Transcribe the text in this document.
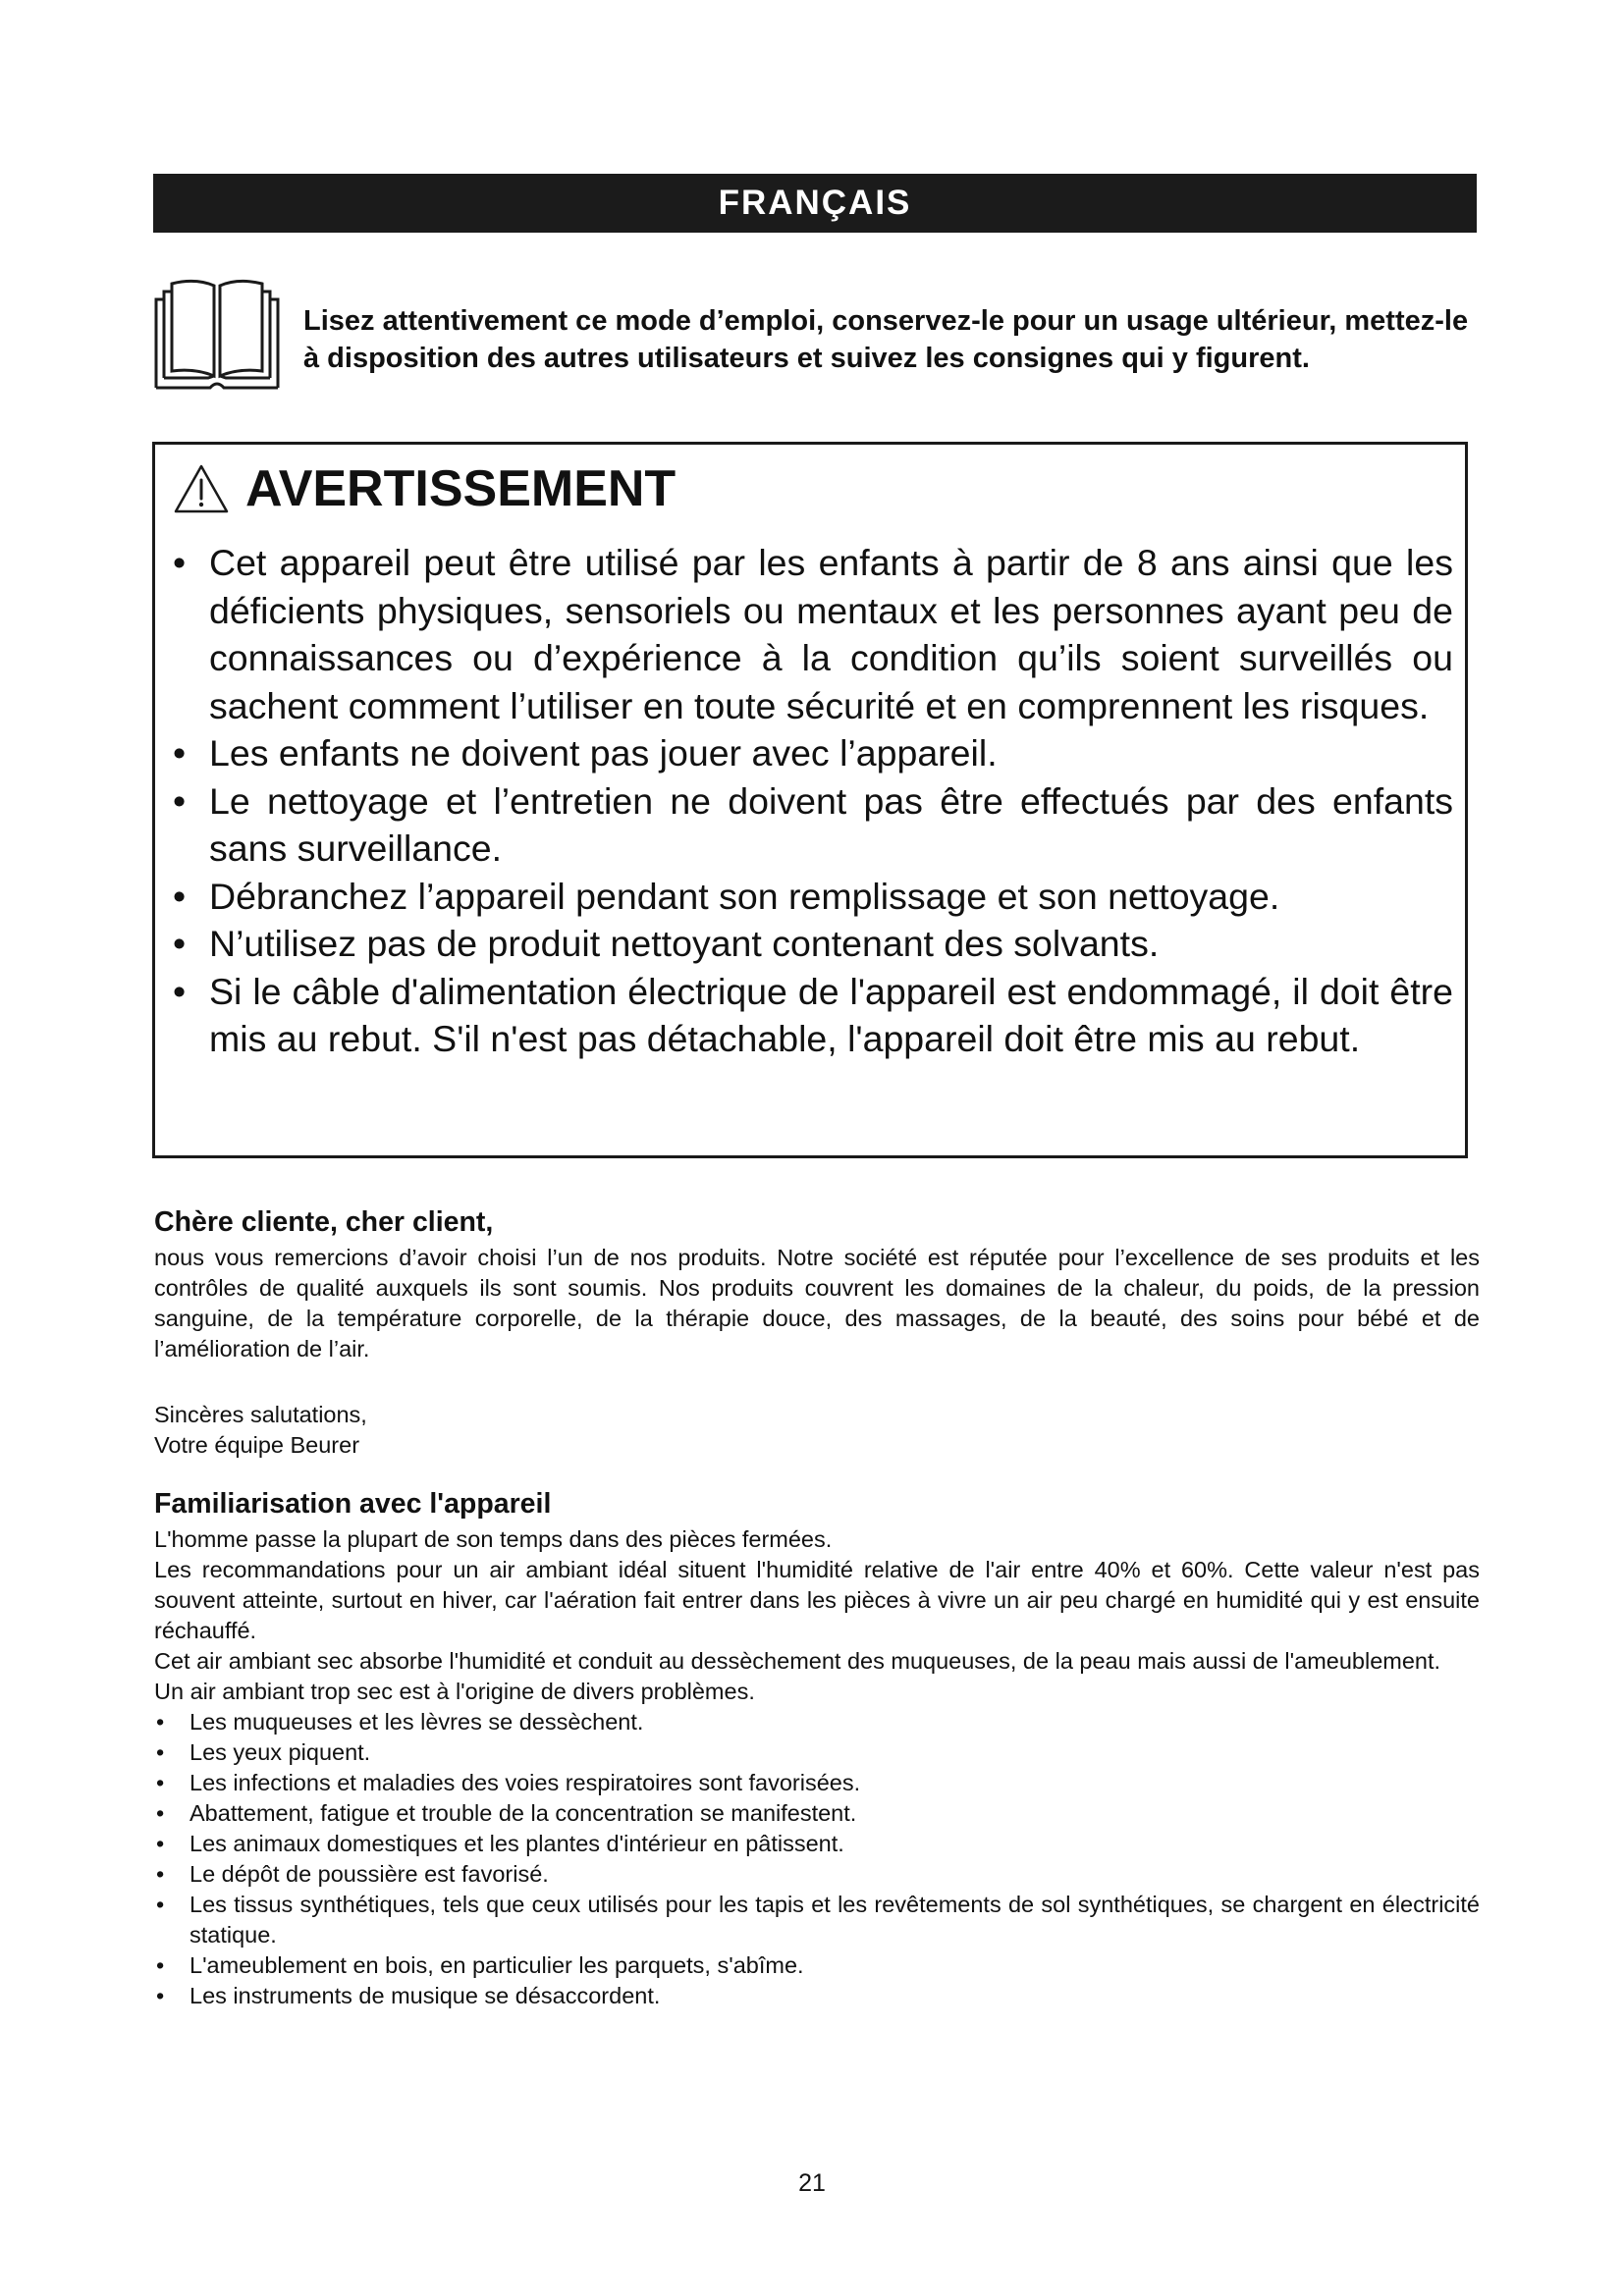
FRANÇAIS
Lisez attentivement ce mode d’emploi, conservez-le pour un usage ultérieur, mettez-le à disposition des autres utilisateurs et suivez les consignes qui y figurent.
AVERTISSEMENT
• Cet appareil peut être utilisé par les enfants à partir de 8 ans ainsi que les déficients physiques, sensoriels ou mentaux et les personnes ayant peu de connaissances ou d’expérience à la condition qu’ils soient surveillés ou sachent comment l’utiliser en toute sécurité et en comprennent les risques.
• Les enfants ne doivent pas jouer avec l’appareil.
• Le nettoyage et l’entretien ne doivent pas être effectués par des enfants sans surveillance.
• Débranchez l’appareil pendant son remplissage et son nettoyage.
• N’utilisez pas de produit nettoyant contenant des solvants.
• Si le câble d'alimentation électrique de l'appareil est endommagé, il doit être mis au rebut. S'il n'est pas détachable, l'appareil doit être mis au rebut.
Chère cliente, cher client,
nous vous remercions d’avoir choisi l’un de nos produits. Notre société est réputée pour l’excellence de ses produits et les contrôles de qualité auxquels ils sont soumis. Nos produits couvrent les domaines de la chaleur, du poids, de la pression sanguine, de la température corporelle, de la thérapie douce, des massages, de la beauté, des soins pour bébé et de l’amélioration de l’air.
Sincères salutations,
Votre équipe Beurer
Familiarisation avec l'appareil

L'homme passe la plupart de son temps dans des pièces fermées.

Les recommandations pour un air ambiant idéal situent l'humidité relative de l'air entre 40% et 60%. Cette valeur n'est pas souvent atteinte, surtout en hiver, car l'aération fait entrer dans les pièces à vivre un air peu chargé en humidité qui y est ensuite réchauffé.

Cet air ambiant sec absorbe l'humidité et conduit au dessèchement des muqueuses, de la peau mais aussi de l'ameublement.

Un air ambiant trop sec est à l'origine de divers problèmes.

• Les muqueuses et les lèvres se dessèchent.
• Les yeux piquent.
• Les infections et maladies des voies respiratoires sont favorisées.
• Abattement, fatigue et trouble de la concentration se manifestent.
• Les animaux domestiques et les plantes d'intérieur en pâtissent.
• Le dépôt de poussière est favorisé.
• Les tissus synthétiques, tels que ceux utilisés pour les tapis et les revêtements de sol synthétiques, se chargent en électricité statique.
• L'ameublement en bois, en particulier les parquets, s'abîme.
• Les instruments de musique se désaccordent.
21
